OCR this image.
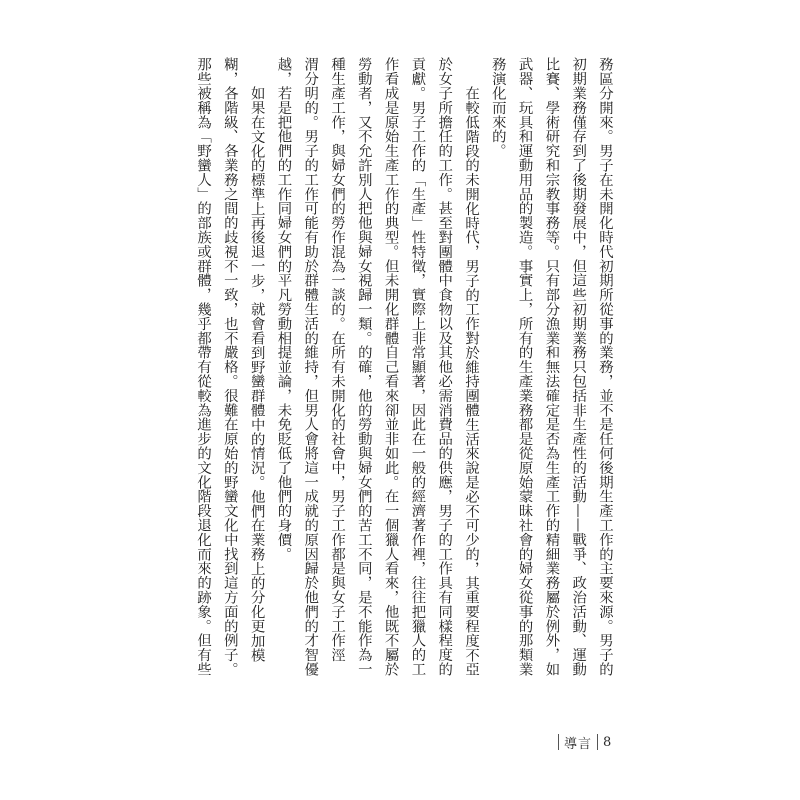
務區分開來。男子在未開化時代初期所從事的業務，並不是任何後期生產工作的主要來源。男子的
初期業務僅存到了後期發展中，但這些初期業務只包括非生產性的活動——戰爭、政治活動、運動
比賽、學術研究和宗教事務等。只有部分漁業和無法確定是否為生產工作的精細業務屬於例外，如
武器、玩具和運動用品的製造。事實上，所有的生產業務都是從原始蒙昧社會的婦女從事的那類業
務演化而來的。
在較低階段的未開化時代，男子的工作對於維持團體生活來說是必不可少的，其重要程度不亞
於女子所擔任的工作。甚至對團體中食物以及其他必需消費品的供應，男子的工作具有同樣程度的
貢獻。男子工作的「生產」性特徵，實際上非常顯著，因此在一般的經濟著作裡，往往把獵人的工
作看成是原始生產工作的典型。但未開化群體自己看來卻並非如此。在一個獵人看來，他既不屬於
勞動者，又不允許別人把他與婦女視歸一類。的確，他的勞動與婦女們的苦工不同，是不能作為一
種生產工作，與婦女們的勞作混為一談的。在所有未開化的社會中，男子工作都是與女子工作涇
渭分明的。男子的工作可能有助於群體生活的維持，但男人會將這一成就的原因歸於他們的才智優
越，若是把他們的工作同婦女們的平凡勞動相提並論，未免貶低了他們的身價。
如果在文化的標準上再後退一步，就會看到野蠻群體中的情況。他們在業務上的分化更加模
糊，各階級、各業務之間的歧視不一致，也不嚴格。很難在原始的野蠻文化中找到這方面的例子。
那些被稱為「野蠻人」的部族或群體，幾乎都帶有從較為進步的文化階段退化而來的跡象。但有些
導言 8
